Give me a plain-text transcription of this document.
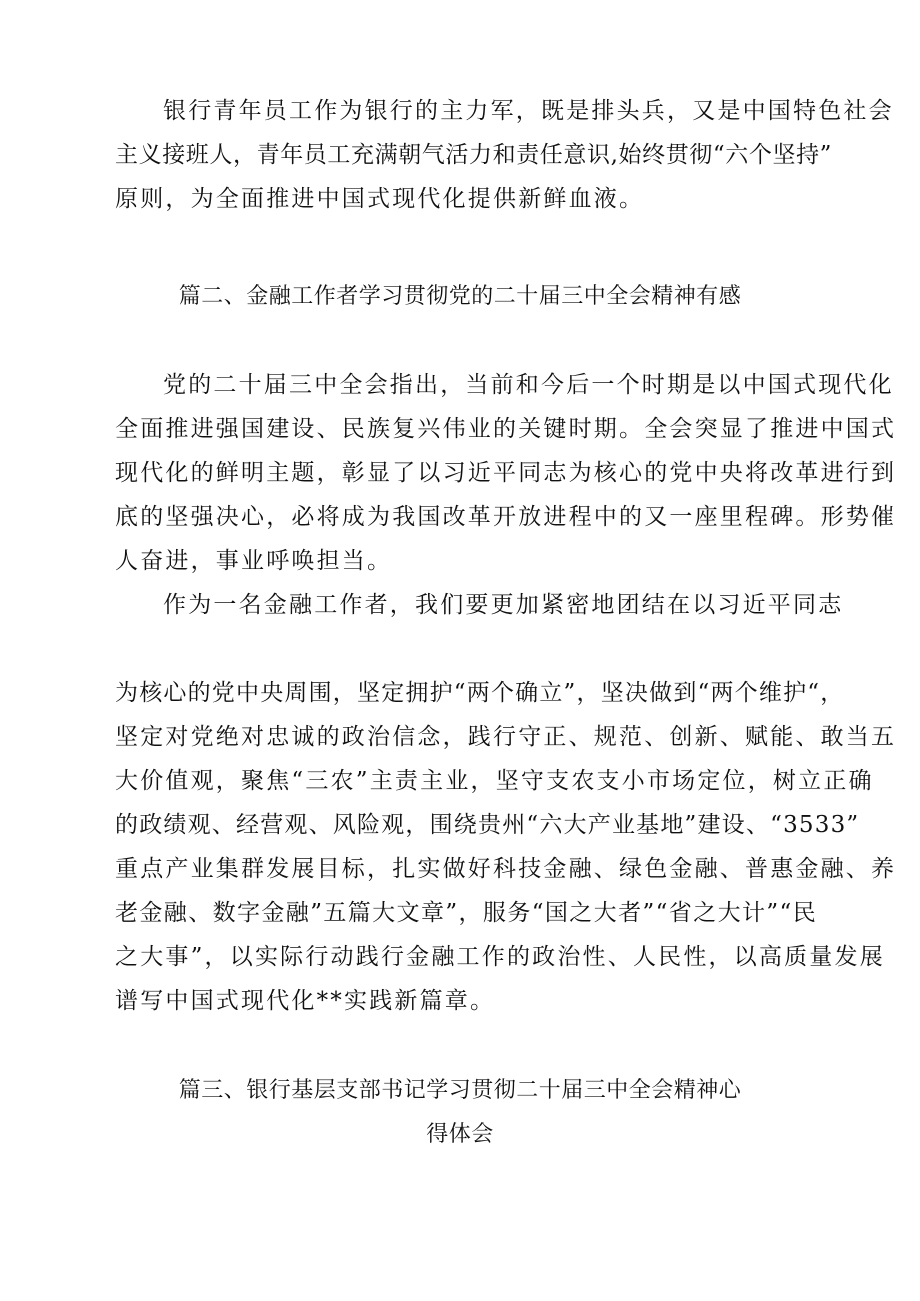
银行青年员工作为银行的主力军，既是排头兵，又是中国特色社会
主义接班人，青年员工充满朝气活力和责任意识,始终贯彻“六个坚持”
原则，为全面推进中国式现代化提供新鲜血液。
篇二、金融工作者学习贯彻党的二十届三中全会精神有感
党的二十届三中全会指出，当前和今后一个时期是以中国式现代化
全面推进强国建设、民族复兴伟业的关键时期。全会突显了推进中国式
现代化的鲜明主题，彰显了以习近平同志为核心的党中央将改革进行到
底的坚强决心，必将成为我国改革开放进程中的又一座里程碑。形势催
人奋进，事业呼唤担当。
作为一名金融工作者，我们要更加紧密地团结在以习近平同志
为核心的党中央周围，坚定拥护“两个确立”，坚决做到“两个维护“，
坚定对党绝对忠诚的政治信念，践行守正、规范、创新、赋能、敢当五
大价值观，聚焦“三农”主责主业，坚守支农支小市场定位，树立正确
的政绩观、经营观、风险观，围绕贵州“六大产业基地”建设、“3533”
重点产业集群发展目标，扎实做好科技金融、绿色金融、普惠金融、养
老金融、数字金融”五篇大文章”，服务“国之大者”“省之大计”“民
之大事”，以实际行动践行金融工作的政治性、人民性，以高质量发展
谱写中国式现代化**实践新篇章。
篇三、银行基层支部书记学习贯彻二十届三中全会精神心
得体会
